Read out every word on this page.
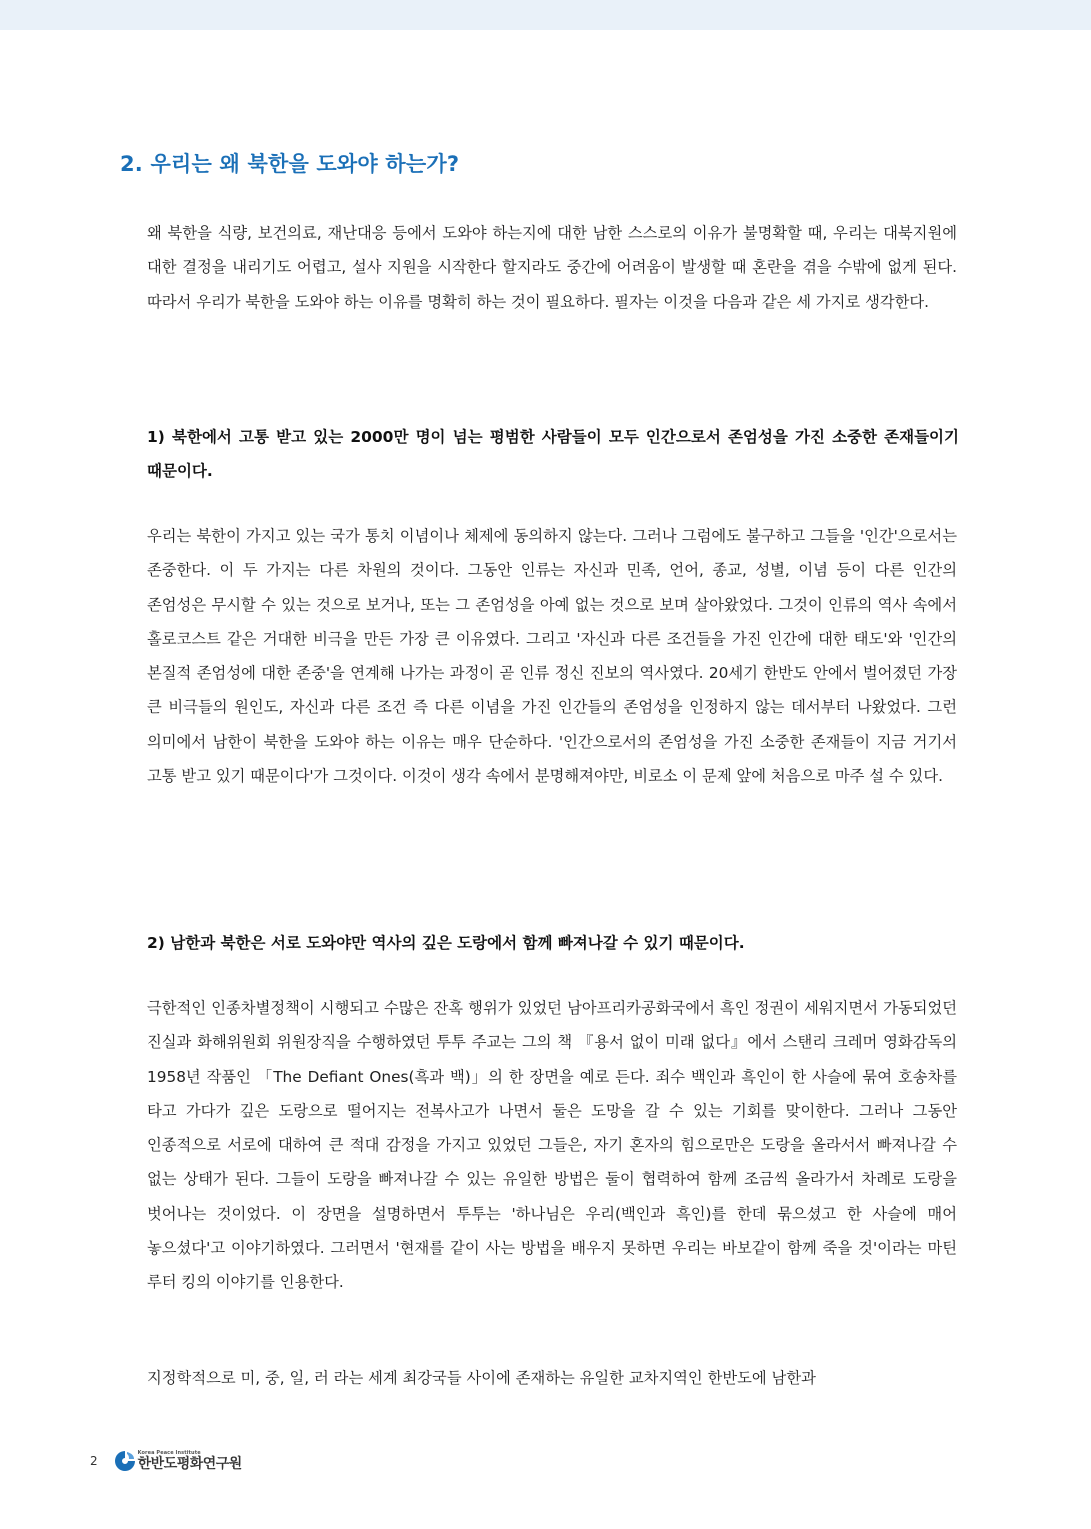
2. 우리는 왜 북한을 도와야 하는가?

왜 북한을 식량, 보건의료, 재난대응 등에서 도와야 하는지에 대한 남한 스스로의 이유가 불명확할 때, 우리는 대북지원에 대한 결정을 내리기도 어렵고, 설사 지원을 시작한다 할지라도 중간에 어려움이 발생할 때 혼란을 겪을 수밖에 없게 된다. 따라서 우리가 북한을 도와야 하는 이유를 명확히 하는 것이 필요하다. 필자는 이것을 다음과 같은 세 가지로 생각한다.

1) 북한에서 고통 받고 있는 2000만 명이 넘는 평범한 사람들이 모두 인간으로서 존엄성을 가진 소중한 존재들이기 때문이다.

우리는 북한이 가지고 있는 국가 통치 이념이나 체제에 동의하지 않는다. 그러나 그럼에도 불구하고 그들을 '인간'으로서는 존중한다. 이 두 가지는 다른 차원의 것이다. 그동안 인류는 자신과 민족, 언어, 종교, 성별, 이념 등이 다른 인간의 존엄성은 무시할 수 있는 것으로 보거나, 또는 그 존엄성을 아예 없는 것으로 보며 살아왔었다. 그것이 인류의 역사 속에서 홀로코스트 같은 거대한 비극을 만든 가장 큰 이유였다. 그리고 '자신과 다른 조건들을 가진 인간에 대한 태도'와 '인간의 본질적 존엄성에 대한 존중'을 연계해 나가는 과정이 곧 인류 정신 진보의 역사였다. 20세기 한반도 안에서 벌어졌던 가장 큰 비극들의 원인도, 자신과 다른 조건 즉 다른 이념을 가진 인간들의 존엄성을 인정하지 않는 데서부터 나왔었다. 그런 의미에서 남한이 북한을 도와야 하는 이유는 매우 단순하다. '인간으로서의 존엄성을 가진 소중한 존재들이 지금 거기서 고통 받고 있기 때문이다'가 그것이다. 이것이 생각 속에서 분명해져야만, 비로소 이 문제 앞에 처음으로 마주 설 수 있다.

2) 남한과 북한은 서로 도와야만 역사의 깊은 도랑에서 함께 빠져나갈 수 있기 때문이다.

극한적인 인종차별정책이 시행되고 수많은 잔혹 행위가 있었던 남아프리카공화국에서 흑인 정권이 세워지면서 가동되었던 진실과 화해위원회 위원장직을 수행하였던 투투 주교는 그의 책 『용서 없이 미래 없다』에서 스탠리 크레머 영화감독의 1958년 작품인 「The Defiant Ones(흑과 백)」의 한 장면을 예로 든다. 죄수 백인과 흑인이 한 사슬에 묶여 호송차를 타고 가다가 깊은 도랑으로 떨어지는 전복사고가 나면서 둘은 도망을 갈 수 있는 기회를 맞이한다. 그러나 그동안 인종적으로 서로에 대하여 큰 적대 감정을 가지고 있었던 그들은, 자기 혼자의 힘으로만은 도랑을 올라서서 빠져나갈 수 없는 상태가 된다. 그들이 도랑을 빠져나갈 수 있는 유일한 방법은 둘이 협력하여 함께 조금씩 올라가서 차례로 도랑을 벗어나는 것이었다. 이 장면을 설명하면서 투투는 '하나님은 우리(백인과 흑인)를 한데 묶으셨고 한 사슬에 매어 놓으셨다'고 이야기하였다. 그러면서 '현재를 같이 사는 방법을 배우지 못하면 우리는 바보같이 함께 죽을 것'이라는 마틴 루터 킹의 이야기를 인용한다.

지정학적으로 미, 중, 일, 러 라는 세계 최강국들 사이에 존재하는 유일한 교차지역인 한반도에 남한과

2
Korea Peace Institute
한반도평화연구원
